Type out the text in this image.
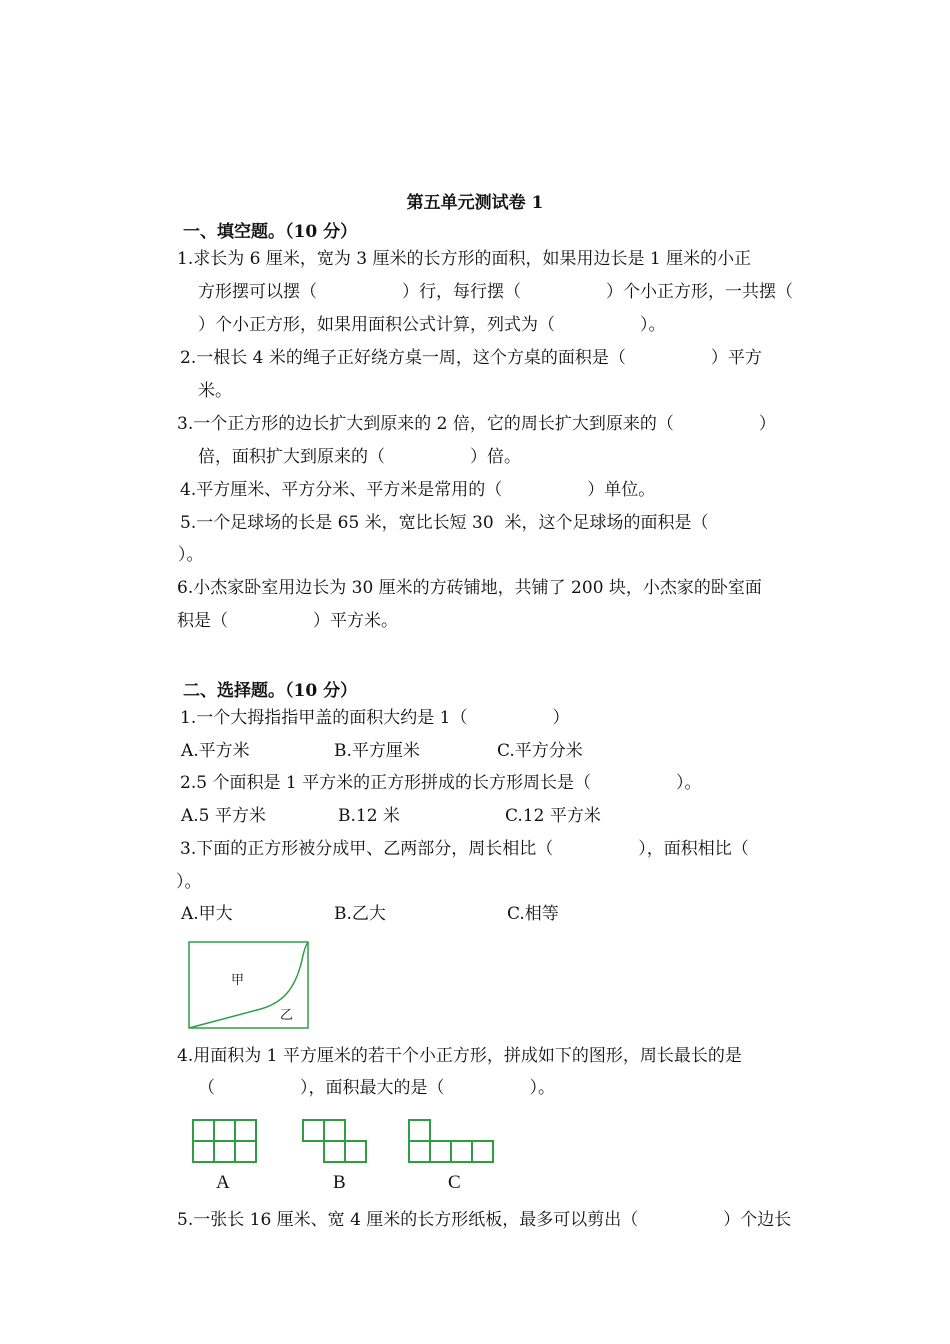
第五单元测试卷 1
一、填空题。（10 分）
1.求长为 6 厘米，宽为 3 厘米的长方形的面积，如果用边长是 1 厘米的小正
方形摆可以摆（　　　　　）行，每行摆（　　　　　）个小正方形，一共摆（
）个小正方形，如果用面积公式计算，列式为（　　　　　）。
2.一根长 4 米的绳子正好绕方桌一周，这个方桌的面积是（　　　　　）平方
米。
3.一个正方形的边长扩大到原来的 2 倍，它的周长扩大到原来的（　　　　　）
倍，面积扩大到原来的（　　　　　）倍。
4.平方厘米、平方分米、平方米是常用的（　　　　　）单位。
5.一个足球场的长是 65 米，宽比长短 30  米，这个足球场的面积是（
）。
6.小杰家卧室用边长为 30 厘米的方砖铺地，共铺了 200 块，小杰家的卧室面
积是（　　　　　）平方米。
二、选择题。（10 分）
1.一个大拇指指甲盖的面积大约是 1（　　　　　）
A.平方米	B.平方厘米	C.平方分米
2.5 个面积是 1 平方米的正方形拼成的长方形周长是（　　　　　）。
A.5 平方米	B.12 米	C.12 平方米
3.下面的正方形被分成甲、乙两部分，周长相比（　　　　　），面积相比（
）。
A.甲大	B.乙大	C.相等
甲
乙
4.用面积为 1 平方厘米的若干个小正方形，拼成如下的图形，周长最长的是
（　　　　　），面积最大的是（　　　　　）。
A	B	C
5.一张长 16 厘米、宽 4 厘米的长方形纸板，最多可以剪出（　　　　　）个边长
